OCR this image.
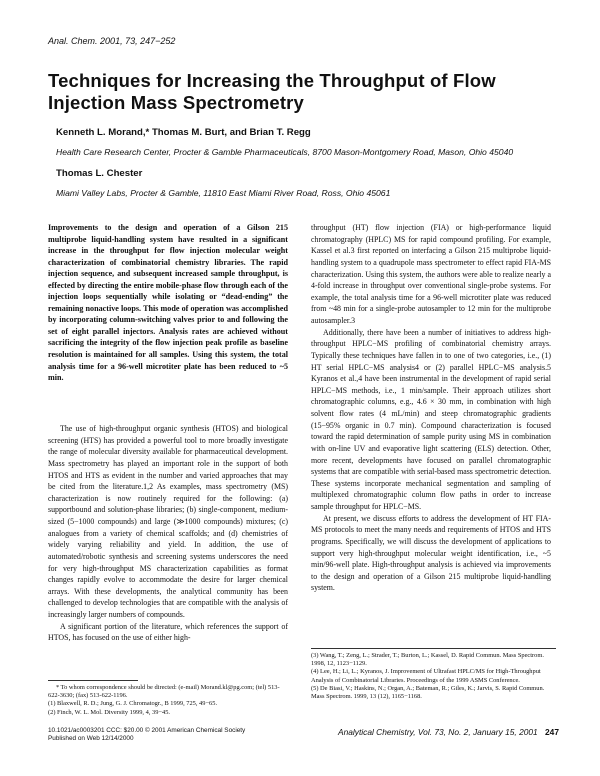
Anal. Chem. 2001, 73, 247−252
Techniques for Increasing the Throughput of Flow Injection Mass Spectrometry
Kenneth L. Morand,* Thomas M. Burt, and Brian T. Regg
Health Care Research Center, Procter & Gamble Pharmaceuticals, 8700 Mason-Montgomery Road, Mason, Ohio 45040
Thomas L. Chester
Miami Valley Labs, Procter & Gamble, 11810 East Miami River Road, Ross, Ohio 45061

Improvements to the design and operation of a Gilson 215 multiprobe liquid-handling system have resulted in a significant increase in the throughput for flow injection molecular weight characterization of combinatorial chemistry libraries. The rapid injection sequence, and subsequent increased sample throughput, is effected by directing the entire mobile-phase flow through each of the injection loops sequentially while isolating or “dead-ending” the remaining nonactive loops. This mode of operation was accomplished by incorporating column-switching valves prior to and following the set of eight parallel injectors. Analysis rates are achieved without sacrificing the integrity of the flow injection peak profile as baseline resolution is maintained for all samples. Using this system, the total analysis time for a 96-well microtiter plate has been reduced to ~5 min.

The use of high-throughput organic synthesis (HTOS) and biological screening (HTS) has provided a powerful tool to more broadly investigate the range of molecular diversity available for pharmaceutical development. Mass spectrometry has played an important role in the support of both HTOS and HTS as evident in the number and varied approaches that may be cited from the literature.1,2 As examples, mass spectrometry (MS) characterization is now routinely required for the following: (a) supportbound and solution-phase libraries; (b) single-component, medium-sized (5−1000 compounds) and large (≫1000 compounds) mixtures; (c) analogues from a variety of chemical scaffolds; and (d) chemistries of widely varying reliability and yield. In addition, the use of automated/robotic synthesis and screening systems underscores the need for very high-throughput MS characterization capabilities as format changes rapidly evolve to accommodate the desire for larger chemical arrays. With these developments, the analytical community has been challenged to develop technologies that are compatible with the analysis of increasingly larger numbers of compounds.

A significant portion of the literature, which references the support of HTOS, has focused on the use of either high-

throughput (HT) flow injection (FIA) or high-performance liquid chromatography (HPLC) MS for rapid compound profiling. For example, Kassel et al.3 first reported on interfacing a Gilson 215 multiprobe liquid-handling system to a quadrupole mass spectrometer to effect rapid FIA-MS characterization. Using this system, the authors were able to realize nearly a 4-fold increase in throughput over conventional single-probe systems. For example, the total analysis time for a 96-well microtiter plate was reduced from ~48 min for a single-probe autosampler to 12 min for the multiprobe autosampler.3

Additionally, there have been a number of initiatives to address high-throughput HPLC−MS profiling of combinatorial chemistry arrays. Typically these techniques have fallen in to one of two categories, i.e., (1) HT serial HPLC−MS analysis4 or (2) parallel HPLC−MS analysis.5 Kyranos et al.,4 have been instrumental in the development of rapid serial HPLC−MS methods, i.e., 1 min/sample. Their approach utilizes short chromatographic columns, e.g., 4.6 × 30 mm, in combination with high solvent flow rates (4 mL/min) and steep chromatographic gradients (15−95% organic in 0.7 min). Compound characterization is focused toward the rapid determination of sample purity using MS in combination with on-line UV and evaporative light scattering (ELS) detection. Other, more recent, developments have focused on parallel chromatographic systems that are compatible with serial-based mass spectrometric detection. These systems incorporate mechanical segmentation and sampling of multiplexed chromatographic column flow paths in order to increase sample throughput for HPLC−MS.

At present, we discuss efforts to address the development of HT FIA-MS protocols to meet the many needs and requirements of HTOS and HTS programs. Specifically, we will discuss the development of applications to support very high-throughput molecular weight identification, i.e., ~5 min/96-well plate. High-throughput analysis is achieved via improvements to the design and operation of a Gilson 215 multiprobe liquid-handling system.

* To whom correspondence should be directed: (e-mail) Morand.kl@pg.com; (tel) 513-622-3630; (fax) 513-622-1196.
(1) Blaxwell, R. D.; Jung, G. J. Chromatogr., B 1999, 725, 49−65.
(2) Finch, W. L. Mol. Diversity 1999, 4, 39−45.
(3) Wang, T.; Zeng, L.; Strader, T.; Burton, L.; Kassel, D. Rapid Commun. Mass Spectrom. 1998, 12, 1123−1129.
(4) Lee, H.; Li, L.; Kyranos, J. Improvement of Ultrafast HPLC/MS for High-Throughput Analysis of Combinatorial Libraries. Proceedings of the 1999 ASMS Conference.
(5) De Biasi, V.; Haskins, N.; Organ, A.; Bateman, R.; Giles, K.; Jarvis, S. Rapid Commun. Mass Spectrom. 1999, 13 (12), 1165−1168.
10.1021/ac0003201 CCC: $20.00 © 2001 American Chemical Society
Published on Web 12/14/2000
Analytical Chemistry, Vol. 73, No. 2, January 15, 2001 247
